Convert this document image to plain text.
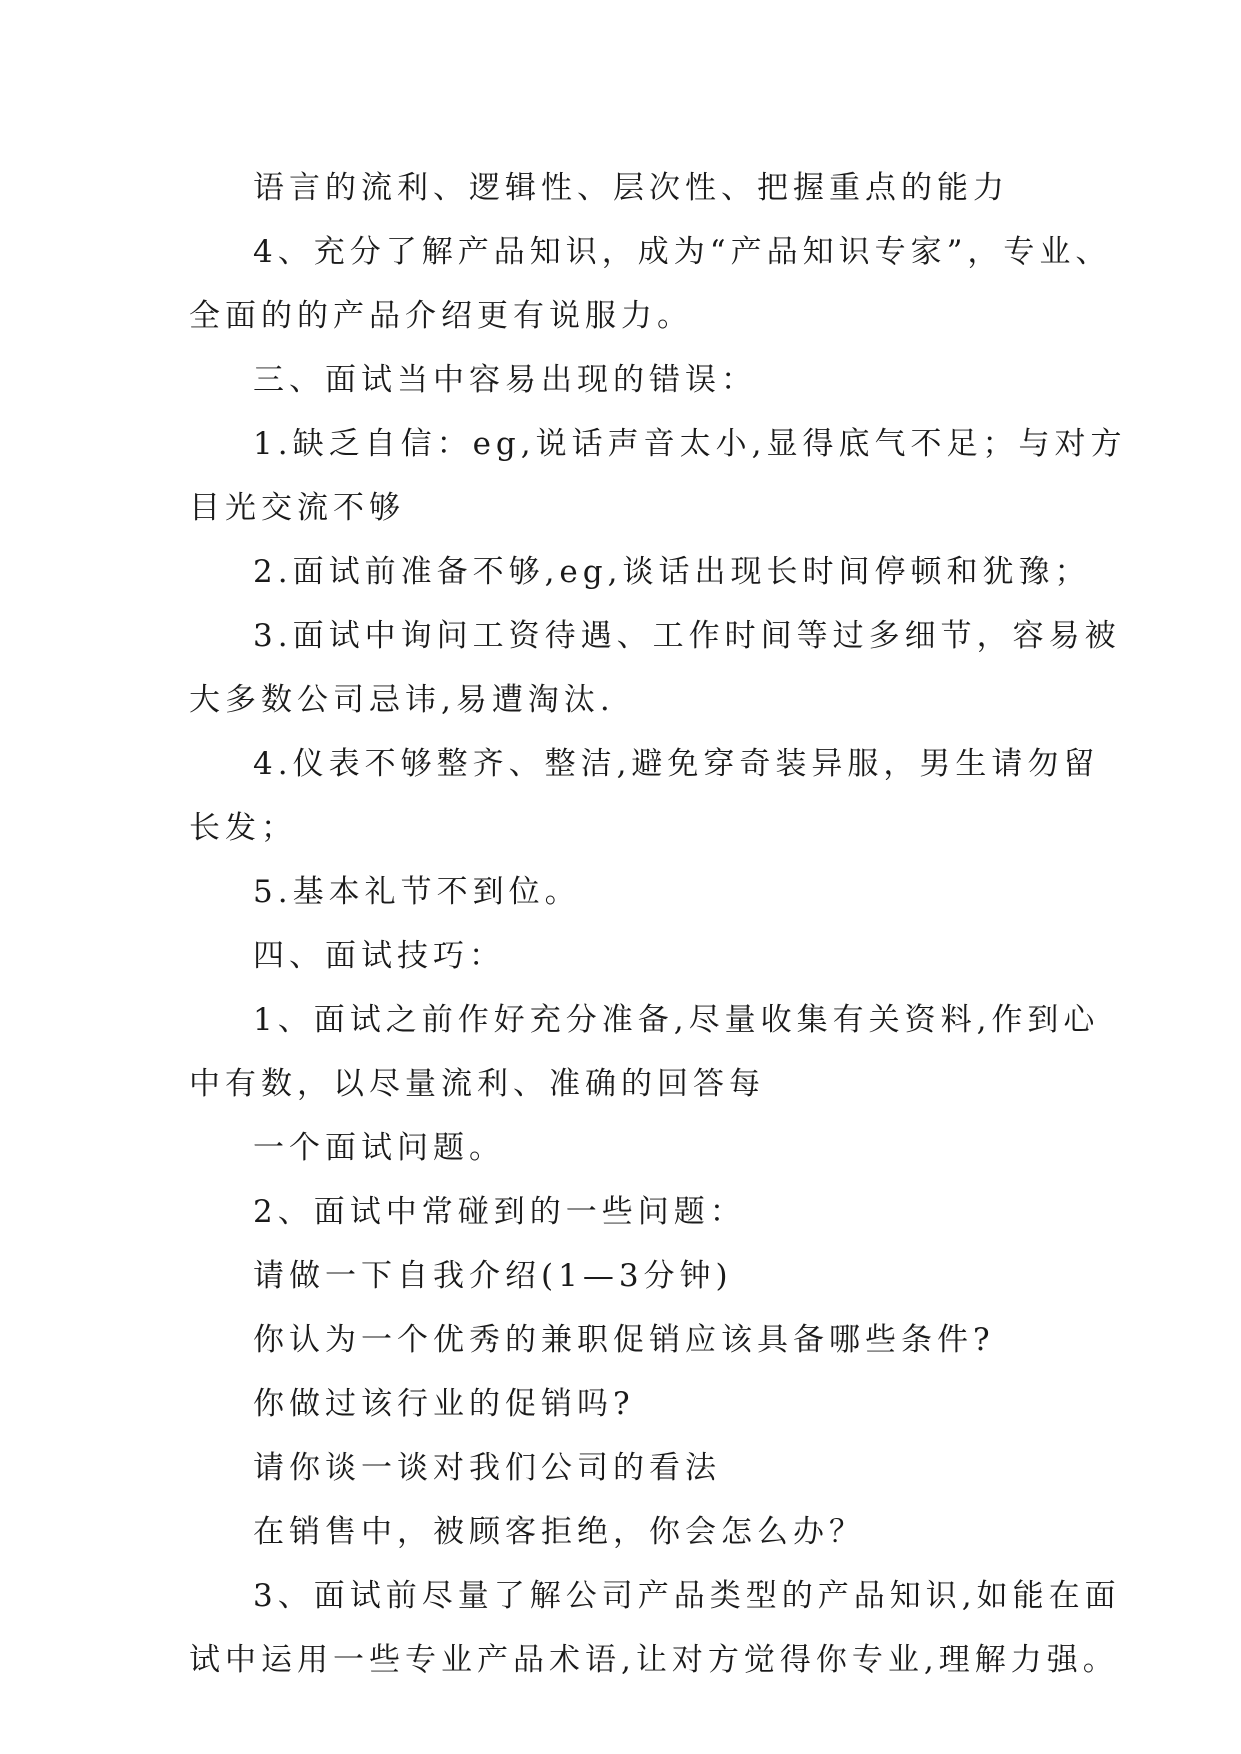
语言的流利、逻辑性、层次性、把握重点的能力
4、充分了解产品知识，成为“产品知识专家”，专业、
全面的的产品介绍更有说服力。
三、面试当中容易出现的错误：
1.缺乏自信：eg,说话声音太小,显得底气不足；与对方
目光交流不够
2.面试前准备不够,eg,谈话出现长时间停顿和犹豫；
3.面试中询问工资待遇、工作时间等过多细节，容易被
大多数公司忌讳,易遭淘汰.
4.仪表不够整齐、整洁,避免穿奇装异服，男生请勿留
长发；
5.基本礼节不到位。
四、面试技巧：
1、面试之前作好充分准备,尽量收集有关资料,作到心
中有数，以尽量流利、准确的回答每
一个面试问题。
2、面试中常碰到的一些问题：
请做一下自我介绍(1—3分钟)
你认为一个优秀的兼职促销应该具备哪些条件?
你做过该行业的促销吗?
请你谈一谈对我们公司的看法
在销售中，被顾客拒绝，你会怎么办？
3、面试前尽量了解公司产品类型的产品知识,如能在面
试中运用一些专业产品术语,让对方觉得你专业,理解力强。
